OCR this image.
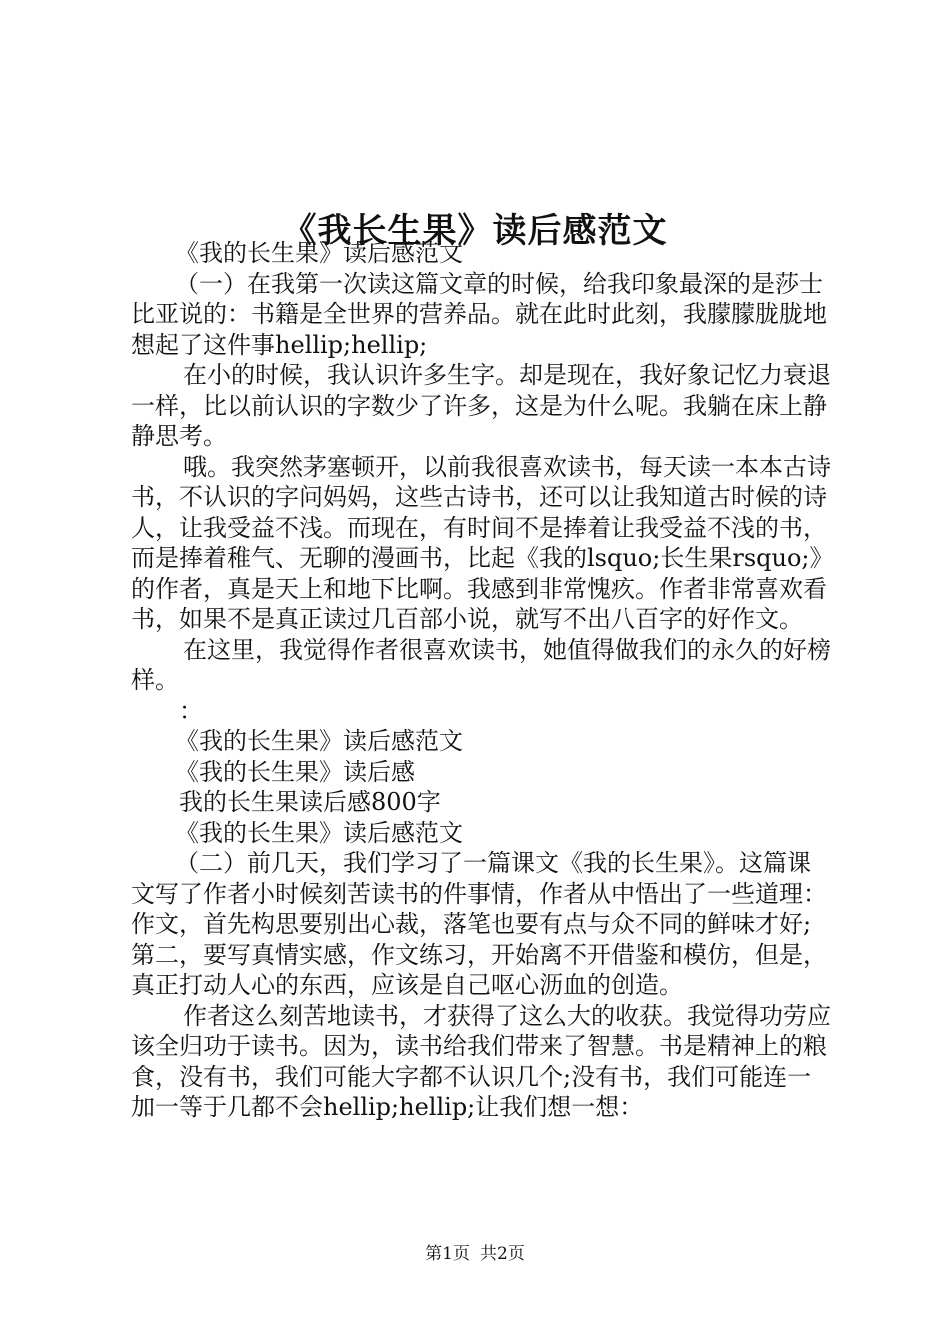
《我长生果》读后感范文

《我的长生果》读后感范文

（一）在我第一次读这篇文章的时候，给我印象最深的是莎士比亚说的：书籍是全世界的营养品。就在此时此刻，我朦朦胧胧地想起了这件事hellip;hellip;

在小的时候，我认识许多生字。却是现在，我好象记忆力衰退一样，比以前认识的字数少了许多，这是为什么呢。我躺在床上静静思考。

哦。我突然茅塞顿开，以前我很喜欢读书，每天读一本本古诗书，不认识的字问妈妈，这些古诗书，还可以让我知道古时候的诗人，让我受益不浅。而现在，有时间不是捧着让我受益不浅的书，而是捧着稚气、无聊的漫画书，比起《我的lsquo;长生果rsquo;》的作者，真是天上和地下比啊。我感到非常愧疚。作者非常喜欢看书，如果不是真正读过几百部小说，就写不出八百字的好作文。

在这里，我觉得作者很喜欢读书，她值得做我们的永久的好榜样。

：

《我的长生果》读后感范文

《我的长生果》读后感

我的长生果读后感800字

《我的长生果》读后感范文

（二）前几天，我们学习了一篇课文《我的长生果》。这篇课文写了作者小时候刻苦读书的件事情，作者从中悟出了一些道理：作文，首先构思要别出心裁，落笔也要有点与众不同的鲜味才好;第二，要写真情实感，作文练习，开始离不开借鉴和模仿，但是，真正打动人心的东西，应该是自己呕心沥血的创造。

作者这么刻苦地读书，才获得了这么大的收获。我觉得功劳应该全归功于读书。因为，读书给我们带来了智慧。书是精神上的粮食，没有书，我们可能大字都不认识几个;没有书，我们可能连一加一等于几都不会hellip;hellip;让我们想一想：

第1页 共2页
